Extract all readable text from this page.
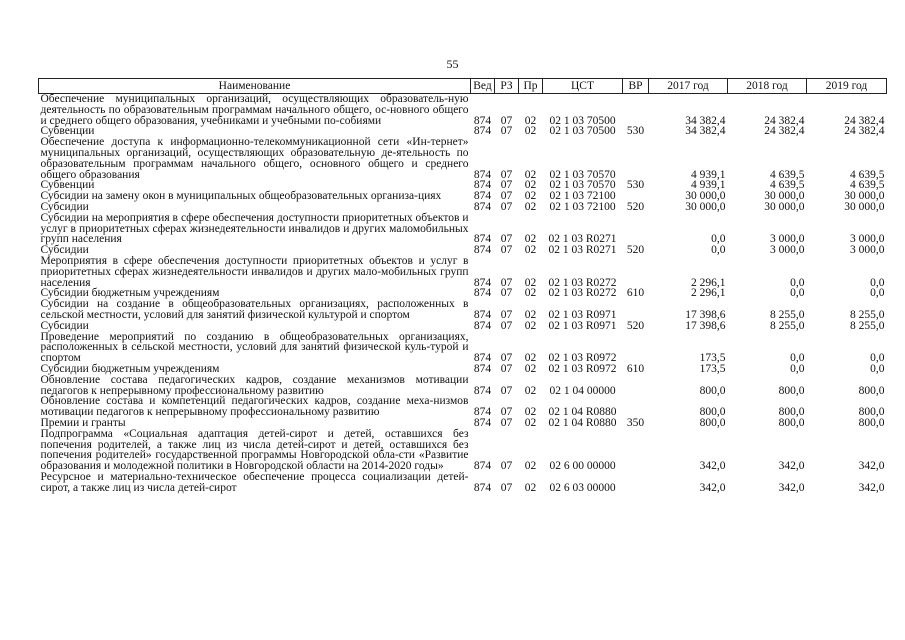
55
Наименование	Вед	РЗ	Пр	ЦСТ	ВР	2017 год	2018 год	2019 год
Обеспечение муниципальных организаций, осуществляющих образователь-ную деятельность по образовательным программам начального общего, ос-новного общего и среднего общего образования, учебниками и учебными по-собиями	874	07	02	02 1 03 70500		34 382,4	24 382,4	24 382,4
Субвенции	874	07	02	02 1 03 70500	530	34 382,4	24 382,4	24 382,4
Обеспечение доступа к информационно-телекоммуникационной сети «Ин-тернет» муниципальных организаций, осуществляющих образовательную де-ятельность по образовательным программам начального общего, основного общего и среднего общего образования	874	07	02	02 1 03 70570		4 939,1	4 639,5	4 639,5
Субвенции	874	07	02	02 1 03 70570	530	4 939,1	4 639,5	4 639,5
Субсидии на замену окон в муниципальных общеобразовательных организа-циях	874	07	02	02 1 03 72100		30 000,0	30 000,0	30 000,0
Субсидии	874	07	02	02 1 03 72100	520	30 000,0	30 000,0	30 000,0
Субсидии на мероприятия в сфере обеспечения доступности приоритетных объектов и услуг в приоритетных сферах жизнедеятельности инвалидов и других маломобильных групп населения	874	07	02	02 1 03 R0271		0,0	3 000,0	3 000,0
Субсидии	874	07	02	02 1 03 R0271	520	0,0	3 000,0	3 000,0
Мероприятия в сфере обеспечения доступности приоритетных объектов и услуг в приоритетных сферах жизнедеятельности инвалидов и других мало-мобильных групп населения	874	07	02	02 1 03 R0272		2 296,1	0,0	0,0
Субсидии бюджетным учреждениям	874	07	02	02 1 03 R0272	610	2 296,1	0,0	0,0
Субсидии на создание в общеобразовательных организациях, расположенных в сельской местности, условий для занятий физической культурой и спортом	874	07	02	02 1 03 R0971		17 398,6	8 255,0	8 255,0
Субсидии	874	07	02	02 1 03 R0971	520	17 398,6	8 255,0	8 255,0
Проведение мероприятий по созданию в общеобразовательных организациях, расположенных в сельской местности, условий для занятий физической куль-турой и спортом	874	07	02	02 1 03 R0972		173,5	0,0	0,0
Субсидии бюджетным учреждениям	874	07	02	02 1 03 R0972	610	173,5	0,0	0,0
Обновление состава педагогических кадров, создание механизмов мотивации педагогов к непрерывному профессиональному развитию	874	07	02	02 1 04 00000		800,0	800,0	800,0
Обновление состава и компетенций педагогических кадров, создание меха-низмов мотивации педагогов к непрерывному профессиональному развитию	874	07	02	02 1 04 R0880		800,0	800,0	800,0
Премии и гранты	874	07	02	02 1 04 R0880	350	800,0	800,0	800,0
Подпрограмма «Социальная адаптация детей-сирот и детей, оставшихся без попечения родителей, а также лиц из числа детей-сирот и детей, оставшихся без попечения родителей» государственной программы Новгородской обла-сти «Развитие образования и молодежной политики в Новгородской области на 2014-2020 годы»	874	07	02	02 6 00 00000		342,0	342,0	342,0
Ресурсное и материально-техническое обеспечение процесса социализации детей-сирот, а также лиц из числа детей-сирот	874	07	02	02 6 03 00000		342,0	342,0	342,0
